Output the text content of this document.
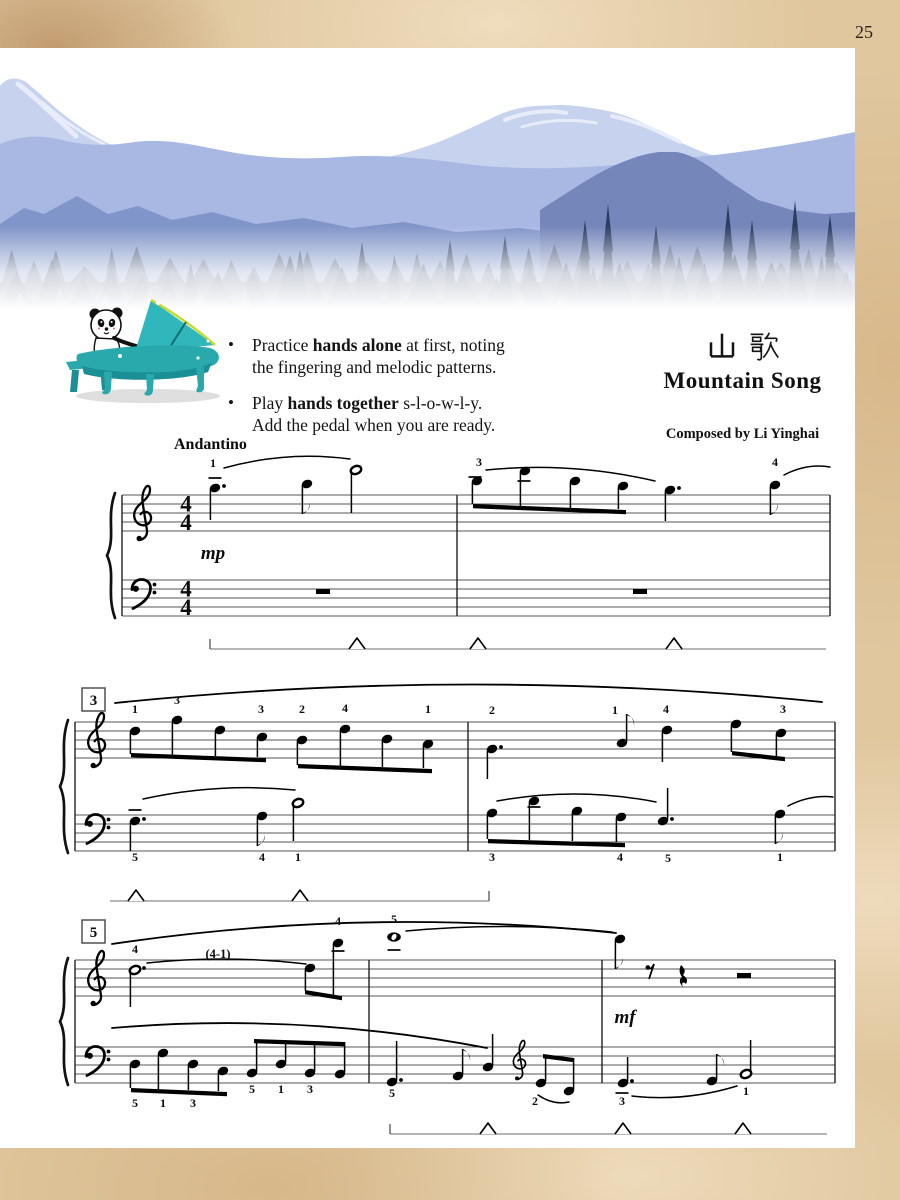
25
•	Practice hands alone at first, noting
the fingering and melodic patterns.
•	Play hands together s-l-o-w-l-y.
Add the pedal when you are ready.
Mountain Song
Composed by Li Yinghai
Andantino
4
4
4
4
1
mp
3	4
3	1
3
3	2	4	1	2	1	4	3
5	4	1	3	4	5	1
5
4	(4-1)
4	5
mf
5 1 3
5 1 3	5
2	3
1
